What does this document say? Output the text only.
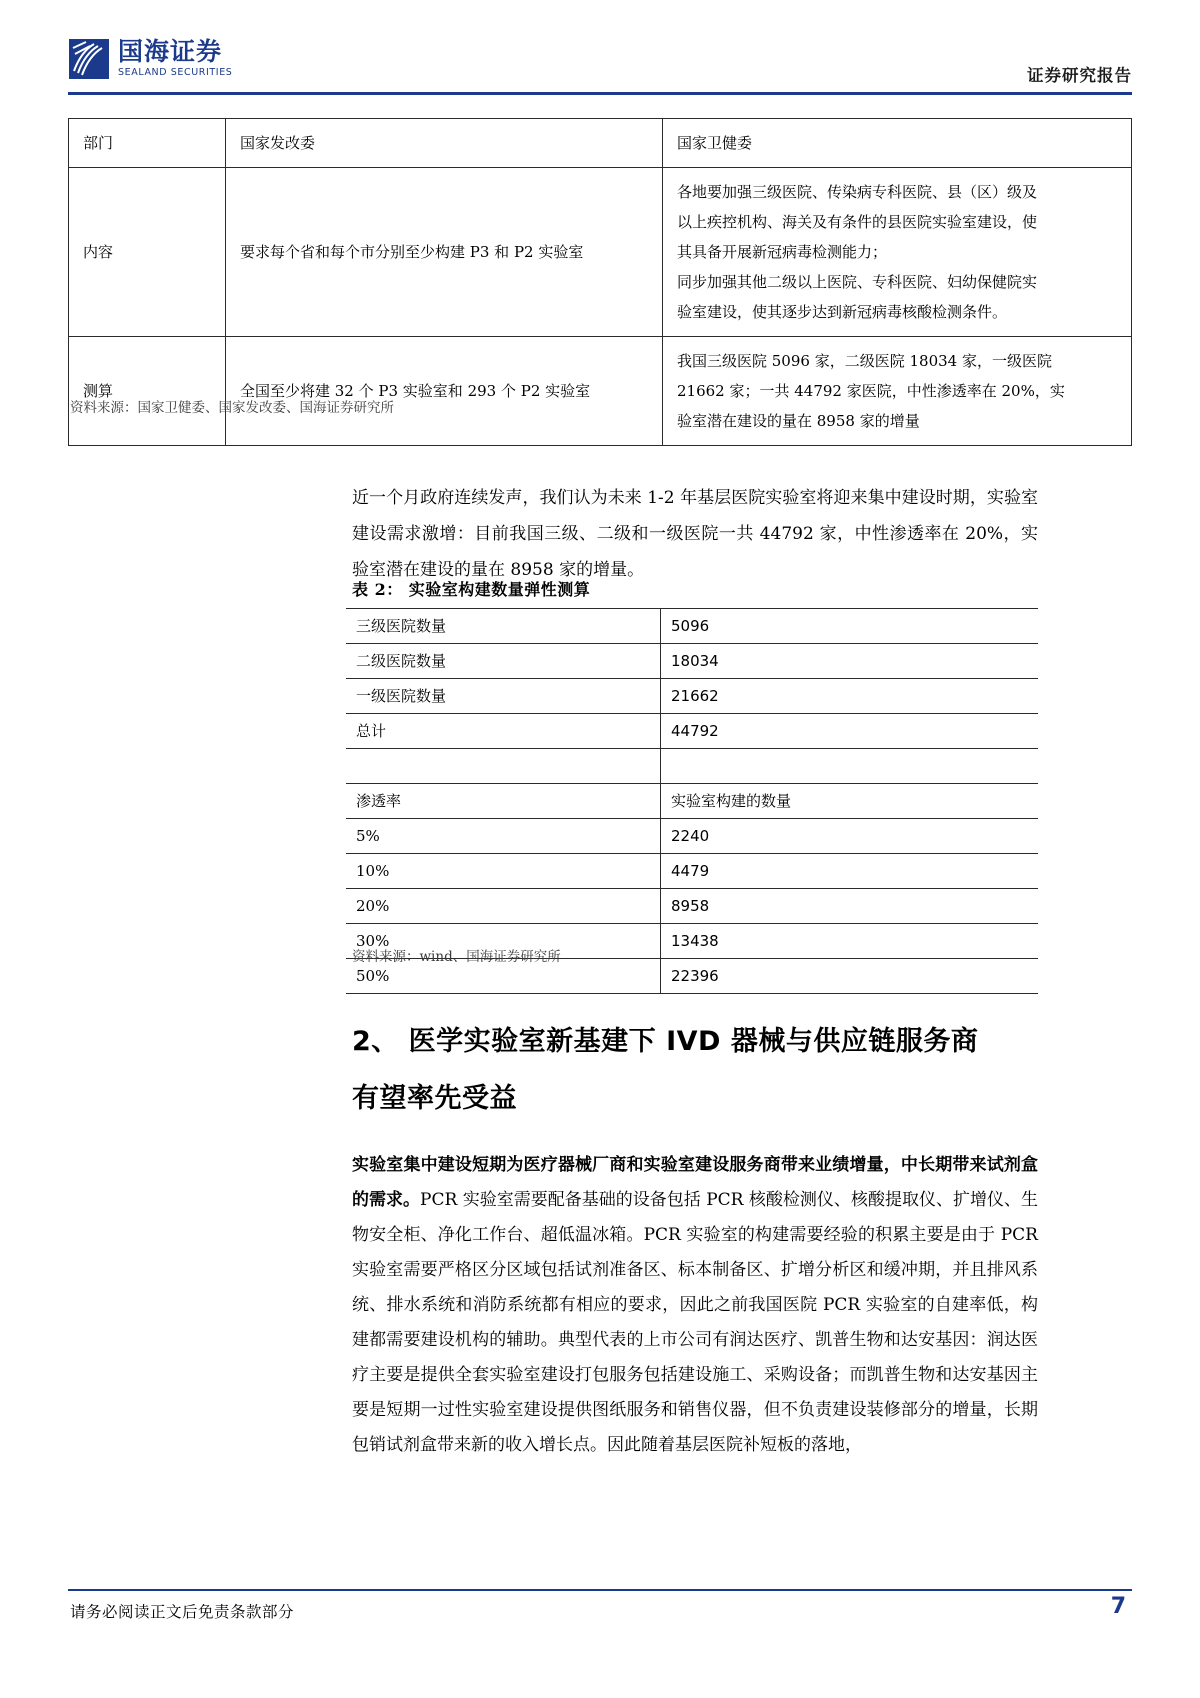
国海证券
SEALAND SECURITIES	证券研究报告
部门	国家发改委	国家卫健委
内容	要求每个省和每个市分别至少构建 P3 和 P2 实验室	各地要加强三级医院、传染病专科医院、县（区）级及

以上疾控机构、海关及有条件的县医院实验室建设，使

其具备开展新冠病毒检测能力；

同步加强其他二级以上医院、专科医院、妇幼保健院实

验室建设，使其逐步达到新冠病毒核酸检测条件。

测算	全国至少将建 32 个 P3 实验室和 293 个 P2 实验室	我国三级医院 5096 家，二级医院 18034 家，一级医院

21662 家；一共 44792 家医院，中性渗透率在 20%，实

验室潜在建设的量在 8958 家的增量

资料来源：国家卫健委、国家发改委、国海证券研究所
近一个月政府连续发声，我们认为未来 1-2 年基层医院实验室将迎来集中建设时期，实验室建设需求激增：目前我国三级、二级和一级医院一共 44792 家，中性渗透率在 20%，实验室潜在建设的量在 8958 家的增量。
表 2： 实验室构建数量弹性测算
三级医院数量	5096
二级医院数量	18034
一级医院数量	21662
总计	44792

渗透率	实验室构建的数量
5%	2240
10%	4479
20%	8958
30%	13438
50%	22396
资料来源：wind、国海证券研究所
2、 医学实验室新基建下 IVD 器械与供应链服务商
有望率先受益
实验室集中建设短期为医疗器械厂商和实验室建设服务商带来业绩增量，中长期带来试剂盒的需求。PCR 实验室需要配备基础的设备包括 PCR 核酸检测仪、核酸提取仪、扩增仪、生物安全柜、净化工作台、超低温冰箱。PCR 实验室的构建需要经验的积累主要是由于 PCR 实验室需要严格区分区域包括试剂准备区、标本制备区、扩增分析区和缓冲期，并且排风系统、排水系统和消防系统都有相应的要求，因此之前我国医院 PCR 实验室的自建率低，构建都需要建设机构的辅助。典型代表的上市公司有润达医疗、凯普生物和达安基因：润达医疗主要是提供全套实验室建设打包服务包括建设施工、采购设备；而凯普生物和达安基因主要是短期一过性实验室建设提供图纸服务和销售仪器，但不负责建设装修部分的增量，长期包销试剂盒带来新的收入增长点。因此随着基层医院补短板的落地，
请务必阅读正文后免责条款部分	7
